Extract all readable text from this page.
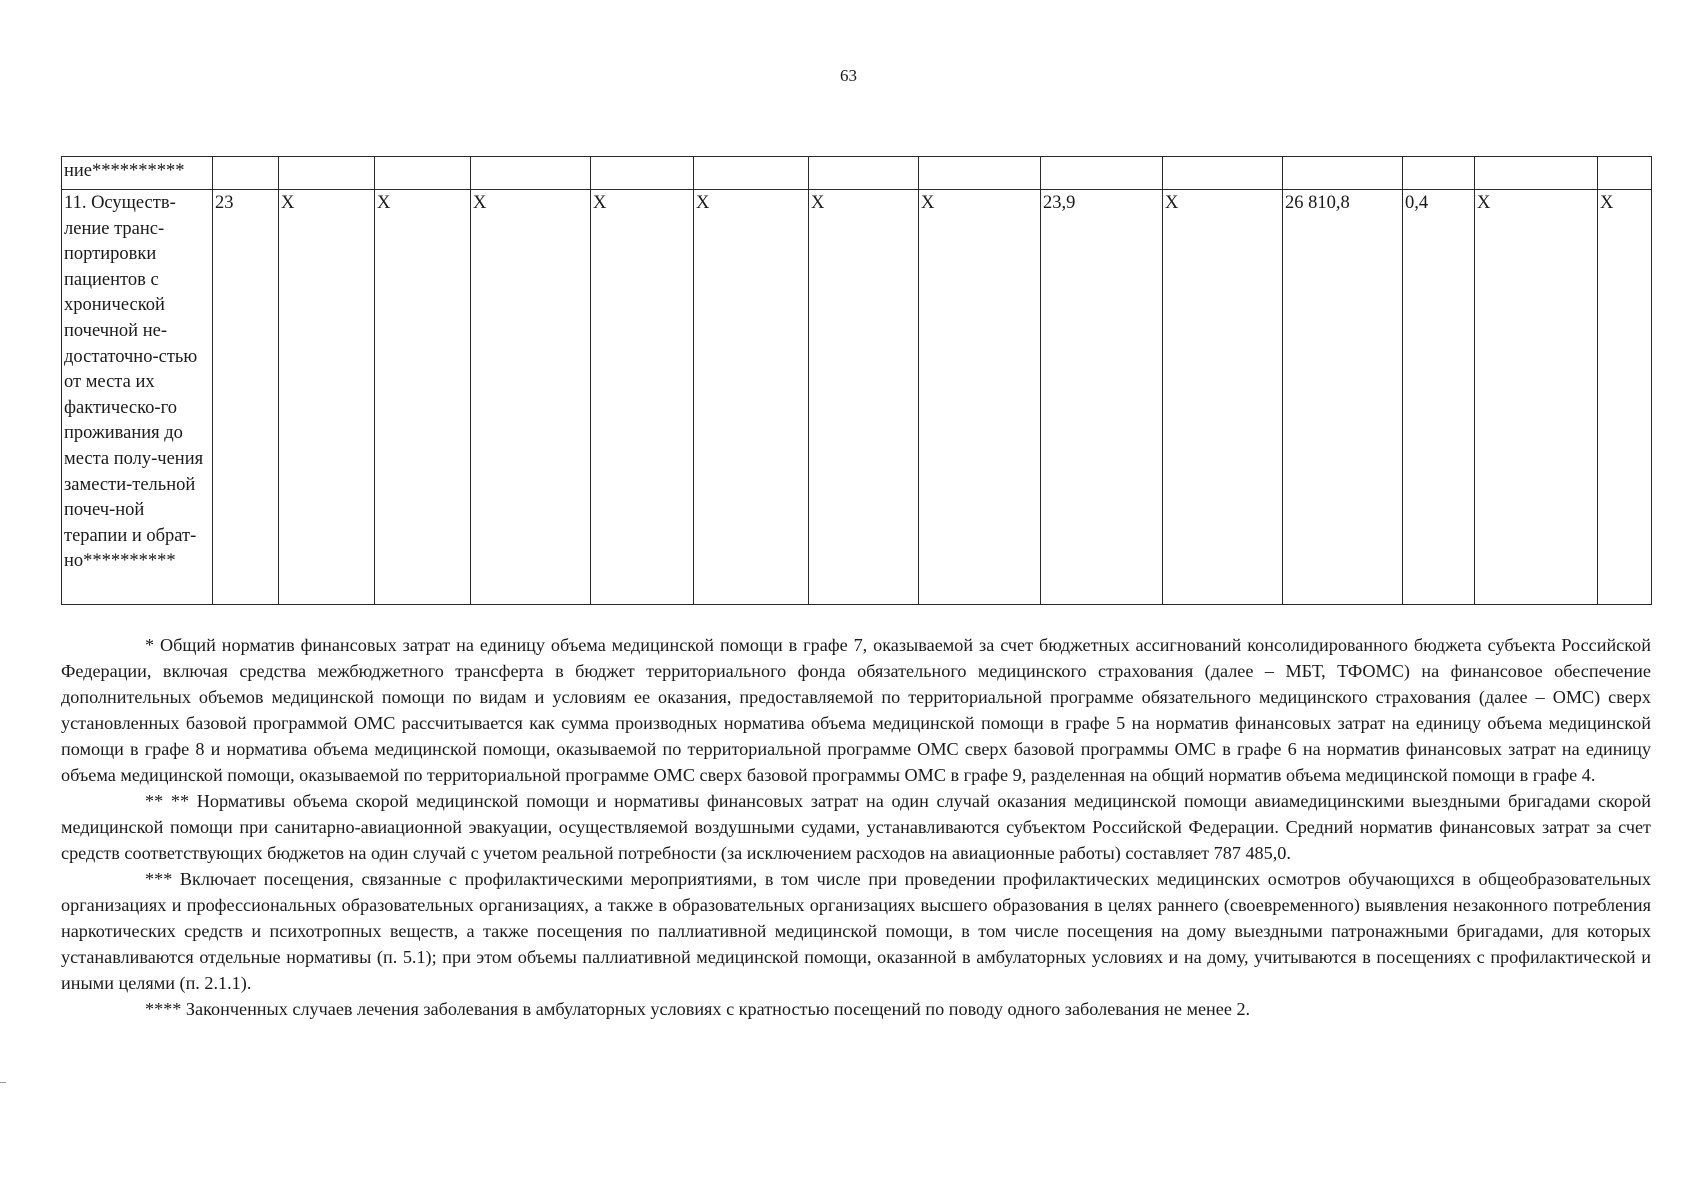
63
ние**********														
11. Осуществ-ление транс-портировки пациентов с хронической почечной не-достаточно-стью от места их фактическо-го проживания до места полу-чения замести-тельной почеч-ной терапии и обрат-но**********	23	X	X	X	X	X	X	X	23,9	X	26 810,8	0,4	X	X

* Общий норматив финансовых затрат на единицу объема медицинской помощи в графе 7, оказываемой за счет бюджетных ассигнований консолидированного бюджета субъекта Российской Федерации, включая средства межбюджетного трансферта в бюджет территориального фонда обязательного медицинского страхования (далее – МБТ, ТФОМС) на финансовое обеспечение дополнительных объемов медицинской помощи по видам и условиям ее оказания, предоставляемой по территориальной программе обязательного медицинского страхования (далее – ОМС) сверх установленных базовой программой ОМС рассчитывается как сумма производных норматива объема медицинской помощи в графе 5 на норматив финансовых затрат на единицу объема медицинской помощи в графе 8 и норматива объема медицинской помощи, оказываемой по территориальной программе ОМС сверх базовой программы ОМС в графе 6 на норматив финансовых затрат на единицу объема медицинской помощи, оказываемой по территориальной программе ОМС сверх базовой программы ОМС в графе 9, разделенная на общий норматив объема медицинской помощи в графе 4.

** ** Нормативы объема скорой медицинской помощи и нормативы финансовых затрат на один случай оказания медицинской помощи авиамедицинскими выездными бригадами скорой медицинской помощи при санитарно-авиационной эвакуации, осуществляемой воздушными судами, устанавливаются субъектом Российской Федерации. Средний норматив финансовых затрат за счет средств соответствующих бюджетов на один случай с учетом реальной потребности (за исключением расходов на авиационные работы) составляет 787 485,0.

*** Включает посещения, связанные с профилактическими мероприятиями, в том числе при проведении профилактических медицинских осмотров обучающихся в общеобразовательных организациях и профессиональных образовательных организациях, а также в образовательных организациях высшего образования в целях раннего (своевременного) выявления незаконного потребления наркотических средств и психотропных веществ, а также посещения по паллиативной медицинской помощи, в том числе посещения на дому выездными патронажными бригадами, для которых устанавливаются отдельные нормативы (п. 5.1); при этом объемы паллиативной медицинской помощи, оказанной в амбулаторных условиях и на дому, учитываются в посещениях с профилактической и иными целями (п. 2.1.1).

**** Законченных случаев лечения заболевания в амбулаторных условиях с кратностью посещений по поводу одного заболевания не менее 2.
